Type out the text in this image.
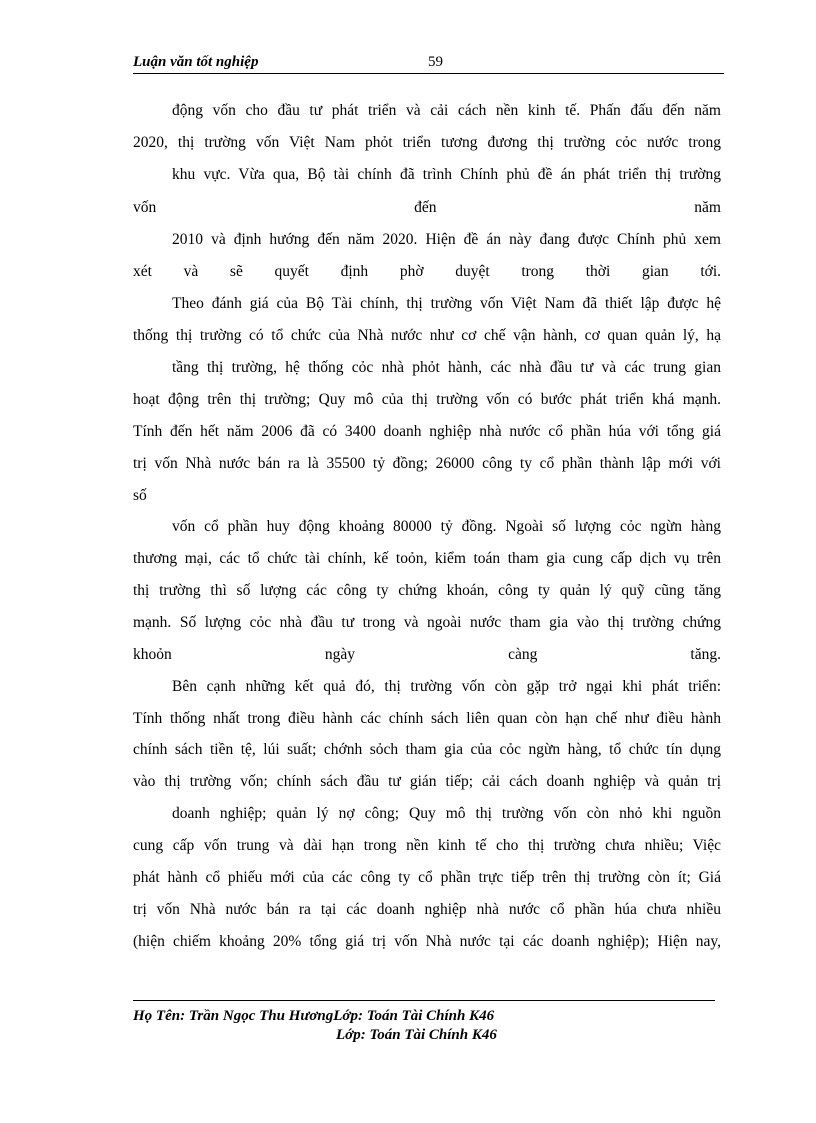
Luận văn tốt nghiệp	59
động vốn cho đầu tư phát triển và cải cách nền kinh tế. Phấn đấu đến năm
2020, thị trường vốn Việt Nam phỏt triển tương đương thị trường cỏc nước trong
khu vực. Vừa qua, Bộ tài chính đã trình Chính phủ đề án phát triển thị trường
vốn đến năm
2010 và định hướng đến năm 2020. Hiện đề án này đang được Chính phủ xem
xét và sẽ quyết định phờ duyệt trong thời gian tới.
Theo đánh giá của Bộ Tài chính, thị trường vốn Việt Nam đã thiết lập được hệ
thống thị trường có tổ chức của Nhà nước như cơ chế vận hành, cơ quan quản lý, hạ
tầng thị trường, hệ thống cỏc nhà phỏt hành, các nhà đầu tư và các trung gian
hoạt động trên thị trường; Quy mô của thị trường vốn có bước phát triển khá mạnh.
Tính đến hết năm 2006 đã có 3400 doanh nghiệp nhà nước cổ phần húa với tổng giá
trị vốn Nhà nước bán ra là 35500 tỷ đồng; 26000 công ty cổ phần thành lập mới với
số
vốn cổ phần huy động khoảng 80000 tỷ đồng. Ngoài số lượng cỏc ngừn hàng
thương mại, các tổ chức tài chính, kế toỏn, kiểm toán tham gia cung cấp dịch vụ trên
thị trường thì số lượng các công ty chứng khoán, công ty quản lý quỹ cũng tăng
mạnh. Số lượng cỏc nhà đầu tư trong và ngoài nước tham gia vào thị trường chứng
khoỏn ngày càng tăng.
Bên cạnh những kết quả đó, thị trường vốn còn gặp trở ngại khi phát triển:
Tính thống nhất trong điều hành các chính sách liên quan còn hạn chế như điều hành
chính sách tiền tệ, lúi suất; chớnh sỏch tham gia của cỏc ngừn hàng, tổ chức tín dụng
vào thị trường vốn; chính sách đầu tư gián tiếp; cải cách doanh nghiệp và quản trị
doanh nghiệp; quản lý nợ công; Quy mô thị trường vốn còn nhỏ khi nguồn
cung cấp vốn trung và dài hạn trong nền kinh tế cho thị trường chưa nhiều; Việc
phát hành cổ phiếu mới của các công ty cổ phần trực tiếp trên thị trường còn ít; Giá
trị vốn Nhà nước bán ra tại các doanh nghiệp nhà nước cổ phần húa chưa nhiều
(hiện chiếm khoảng 20% tổng giá trị vốn Nhà nước tại các doanh nghiệp); Hiện nay,
Họ Tên: Trần Ngọc Thu HươngLớp: Toán Tài Chính K46
Lớp: Toán Tài Chính K46
